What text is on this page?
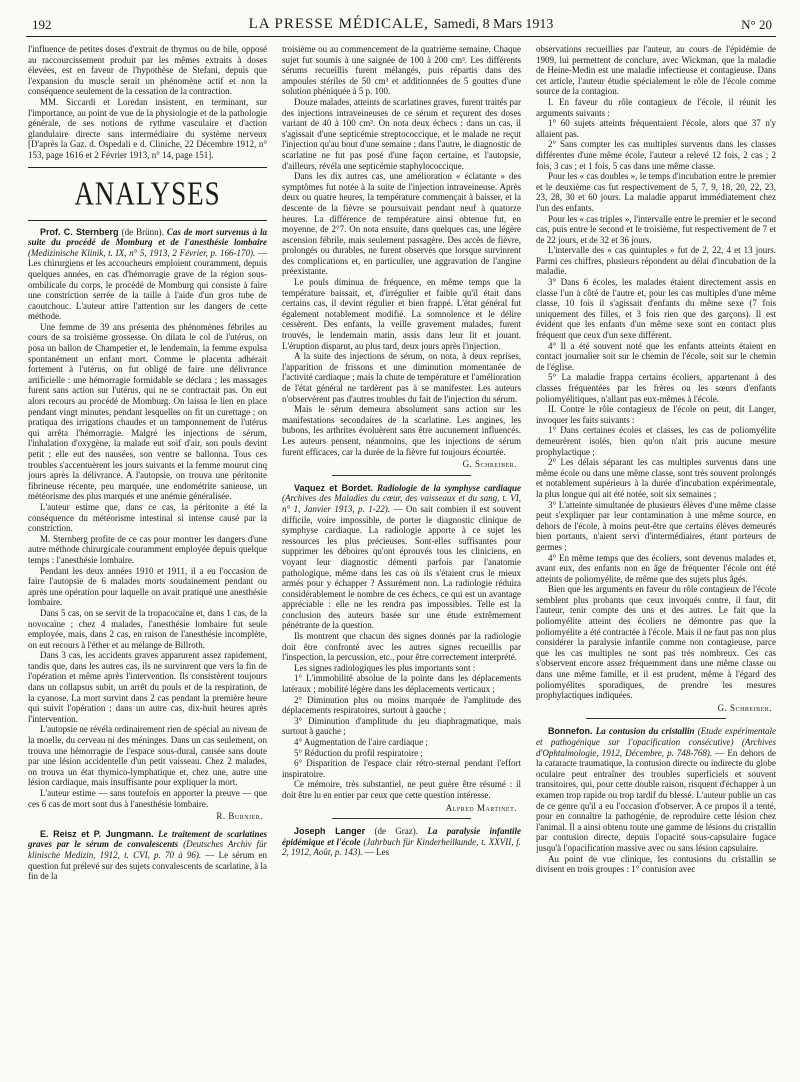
192	LA PRESSE MÉDICALE, Samedi, 8 Mars 1913	N° 20

l'influence de petites doses d'extrait de thymus ou de bile, opposé au raccourcissement produit par les mêmes extraits à doses élevées, est en faveur de l'hypothèse de Stefani, depuis que l'expansion du muscle serait un phénomène actif et non la conséquence seulement de la cessation de la contraction.

MM. Siccardi et Loredan insistent, en terminant, sur l'importance, au point de vue de la physiologie et de la pathologie générale, de ses notions de rythme vasculaire et d'action glandulaire directe sans intermédiaire du système nerveux [D'après la Gaz. d. Ospedali e d. Cliniche, 22 Décembre 1912, n° 153, page 1616 et 2 Février 1913, n° 14, page 151].

ANALYSES

Prof. C. Sternberg (de Brünn). Cas de mort survenus à la suite du procédé de Momburg et de l'anesthésie lombaire (Medizinische Klinik, t. IX, n° 5, 1913, 2 Février, p. 166-170). — Les chirurgiens et les accoucheurs emploient couramment, depuis quelques années, en cas d'hémorragie grave de la région sous-ombilicale du corps, le procédé de Momburg qui consiste à faire une constriction serrée de la taille à l'aide d'un gros tube de caoutchouc. L'auteur attire l'attention sur les dangers de cette méthode.

Une femme de 39 ans présenta des phénomènes fébriles au cours de sa troisième grossesse. On dilata le col de l'utérus, on posa un ballon de Champetier et, le lendemain, la femme expulsa spontanément un enfant mort. Comme le placenta adhérait fortement à l'utérus, on fut obligé de faire une délivrance artificielle : une hémorragie formidable se déclara ; les massages furent sans action sur l'utérus, qui ne se contractait pas. On eut alors recours au procédé de Momburg. On laissa le lien en place pendant vingt minutes, pendant lesquelles on fit un curettage ; on pratiqua des irrigations chaudes et un tamponnement de l'utérus qui arrêta l'hémorragie. Malgré les injections de sérum, l'inhalation d'oxygène, la malade eut soif d'air, son pouls devint petit ; elle eut des nausées, son ventre se ballonna. Tous ces troubles s'accentuèrent les jours suivants et la femme mourut cinq jours après la délivrance. A l'autopsie, on trouva une péritonite fibrineuse récente, peu marquée, une endométrite sanieuse, un météorisme des plus marqués et une anémie généralisée.

L'auteur estime que, dans ce cas, la péritonite a été la conséquence du météorisme intestinal si intense causé par la constriction.

M. Sternberg profite de ce cas pour montrer les dangers d'une autre méthode chirurgicale couramment employée depuis quelque temps : l'anesthésie lombaire.

Pendant les deux années 1910 et 1911, il a eu l'occasion de faire l'autopsie de 6 malades morts soudainement pendant ou après une opération pour laquelle on avait pratiqué une anesthésie lombaire.

Dans 5 cas, on se servit de la tropacocaïne et, dans 1 cas, de la novocaïne ; chez 4 malades, l'anesthésie lombaire fut seule employée, mais, dans 2 cas, en raison de l'anesthésie incomplète, on eut recours à l'éther et au mélange de Billroth.

Dans 3 cas, les accidents graves apparurent assez rapidement, tandis que, dans les autres cas, ils ne survinrent que vers la fin de l'opération et même après l'intervention. Ils consistèrent toujours dans un collapsus subit, un arrêt du pouls et de la respiration, de la cyanose. La mort survint dans 2 cas pendant la première heure qui suivit l'opération ; dans un autre cas, dix-huit heures après l'intervention.

L'autopsie ne révéla ordinairement rien de spécial au niveau de la moelle, du cerveau ni des méninges. Dans un cas seulement, on trouva une hémorragie de l'espace sous-dural, causée sans doute par une lésion accidentelle d'un petit vaisseau. Chez 2 malades, on trouva un état thymico-lymphatique et, chez une, autre une lésion cardiaque, mais insuffisante pour expliquer la mort.

L'auteur estime — sans toutefois en apporter la preuve — que ces 6 cas de mort sont dus à l'anesthésie lombaire.

R. Burnier.

E. Reisz et P. Jungmann. Le traitement de scarlatines graves par le sérum de convalescents (Deutsches Archiv für klinische Medizin, 1912, t. CVI, p. 70 à 96). — Le sérum en question fut prélevé sur des sujets convalescents de scarlatine, à la fin de la

troisième ou au commencement de la quatrième semaine. Chaque sujet fut soumis à une saignée de 100 à 200 cm³. Les différents sérums recueillis furent mélangés, puis répartis dans des ampoules stériles de 50 cm³ et additionnées de 5 gouttes d'une solution phéniquée à 5 p. 100.

Douze malades, atteints de scarlatines graves, furent traités par des injections intraveineuses de ce sérum et reçurent des doses variant de 40 à 100 cm³. On nota deux échecs : dans un cas, il s'agissait d'une septicémie streptococcique, et le malade ne reçut l'injection qu'au bout d'une semaine ; dans l'autre, le diagnostic de scarlatine ne fut pas posé d'une façon certaine, et l'autopsie, d'ailleurs, révéla une septicémie staphylococcique.

Dans les dix autres cas, une amélioration « éclatante » des symptômes fut notée à la suite de l'injection intraveineuse. Après deux ou quatre heures, la température commençait à baisser, et la descente de la fièvre se poursuivait pendant neuf à quatorze heures. La différence de température ainsi obtenue fut, en moyenne, de 2°7. On nota ensuite, dans quelques cas, une légère ascension fébrile, mais seulement passagère. Des accès de fièvre, prolongés ou durables, ne furent observés que lorsque survinrent des complications et, en particulier, une aggravation de l'angine préexistante.

Le pouls diminua de fréquence, en même temps que la température baissait, et, d'irrégulier et faible qu'il était dans certains cas, il devint régulier et bien frappé. L'état général fut également notablement modifié. La somnolence et le délire cessèrent. Des enfants, la veille gravement malades, furent trouvés, le lendemain matin, assis dans leur lit et jouant. L'éruption disparut, au plus tard, deux jours après l'injection.

A la suite des injections de sérum, on nota, à deux reprises, l'apparition de frissons et une diminution momentanée de l'activité cardiaque ; mais la chute de température et l'amélioration de l'état général ne tardèrent pas à se manifester. Les auteurs n'observèrent pas d'autres troubles du fait de l'injection du sérum.

Mais le sérum demeura absolument sans action sur les manifestations secondaires de la scarlatine. Les angines, les bubons, les arthrites évoluèrent sans être aucunement influencés. Les auteurs pensent, néanmoins, que les injections de sérum furent efficaces, car la durée de la fièvre fut toujours écourtée.

G. Schreiber.

Vaquez et Bordet. Radiologie de la symphyse cardiaque (Archives des Maladies du cœur, des vaisseaux et du sang, t. VI, n° 1, Janvier 1913, p. 1-22). — On sait combien il est souvent difficile, voire impossible, de porter le diagnostic clinique de symphyse cardiaque. La radiologie apporte à ce sujet les ressources les plus précieuses. Sont-elles suffisantes pour supprimer les déboires qu'ont éprouvés tous les cliniciens, en voyant leur diagnostic démenti parfois par l'anatomie pathologique, même dans les cas où ils s'étaient crus le mieux armés pour y échapper ? Assurément non. La radiologie réduira considérablement le nombre de ces échecs, ce qui est un avantage appréciable : elle ne les rendra pas impossibles. Telle est la conclusion des auteurs basée sur une étude extrêmement pénétrante de la question.

Ils montrent que chacun des signes donnés par la radiologie doit être confronté avec les autres signes recueillis par l'inspection, la percussion, etc., pour être correctement interprété.

Les signes radiologiques les plus importants sont :

1° L'immobilité absolue de la pointe dans les déplacements latéraux ; mobilité légère dans les déplacements verticaux ;

2° Diminution plus ou moins marquée de l'amplitude des déplacements respiratoires, surtout à gauche ;

3° Diminution d'amplitude du jeu diaphragmatique, mais surtout à gauche ;

4° Augmentation de l'aire cardiaque ;

5° Réduction du profil respiratoire ;

6° Disparition de l'espace clair rétro-sternal pendant l'effort inspiratoire.

Ce mémoire, très substantiel, ne peut guère être résumé : il doit être lu en entier par ceux que cette question intéresse.

Alfred Martinet.

Joseph Langer (de Graz). La paralysie infantile épidémique et l'école (Jahrbuch für Kinderheilkunde, t. XXVII, f. 2, 1912, Août, p. 143). — Les

observations recueillies par l'auteur, au cours de l'épidémie de 1909, lui permettent de conclure, avec Wickman, que la maladie de Heine-Medin est une maladie infectieuse et contagieuse. Dans cet article, l'auteur étudie spécialement le rôle de l'école comme source de la contagion.

I. En faveur du rôle contagieux de l'école, il réunit les arguments suivants :

1° 60 sujets atteints fréquentaient l'école, alors que 37 n'y allaient pas.

2° Sans compter les cas multiples survenus dans les classes différentes d'une même école, l'auteur a relevé 12 fois, 2 cas ; 2 fois, 3 cas ; et 1 fois, 5 cas dans une même classe.

Pour les « cas doubles », le temps d'incubation entre le premier et le deuxième cas fut respectivement de 5, 7, 9, 18, 20, 22, 23, 23, 28, 30 et 60 jours. La maladie apparut immédiatement chez l'un des enfants.

Pour les « cas triples », l'intervalle entre le premier et le second cas, puis entre le second et le troisième, fut respectivement de 7 et de 22 jours, et de 32 et 36 jours.

L'intervalle des « cas quintuples » fut de 2, 22, 4 et 13 jours. Parmi ces chiffres, plusieurs répondent au délai d'incubation de la maladie.

3° Dans 6 écoles, les malades étaient directement assis en classe l'un à côté de l'autre et, pour les cas multiples d'une même classe, 10 fois il s'agissait d'enfants du même sexe (7 fois uniquement des filles, et 3 fois rien que des garçons). Il est évident que les enfants d'un même sexe sont en contact plus fréquent que ceux d'un sexe différent.

4° Il a été souvent noté que les enfants atteints étaient en contact journalier soit sur le chemin de l'école, soit sur le chemin de l'église.

5° La maladie frappa certains écoliers, appartenant à des classes fréquentées par les frères ou les sœurs d'enfants poliomyélitiques, n'allant pas eux-mêmes à l'école.

II. Contre le rôle contagieux de l'école on peut, dit Langer, invoquer les faits suivants :

1° Dans certaines écoles et classes, les cas de poliomyélite demeurèrent isolés, bien qu'on n'ait pris aucune mesure prophylactique ;

2° Les délais séparant les cas multiples survenus dans une même école ou dans une même classe, sont très souvent prolongés et notablement supérieurs à la durée d'incubation expérimentale, la plus longue qui ait été notée, soit six semaines ;

3° L'atteinte simultanée de plusieurs élèves d'une même classe peut s'expliquer par leur contamination à une même source, en dehors de l'école, à moins peut-être que certains élèves demeurés bien portants, n'aient servi d'intermédiaires, étant porteurs de germes ;

4° En même temps que des écoliers, sont devenus malades et, avant eux, des enfants non en âge de fréquenter l'école ont été atteints de poliomyélite, de même que des sujets plus âgés.

Bien que les arguments en faveur du rôle contagieux de l'école semblent plus probants que ceux invoqués contre, il faut, dit l'auteur, tenir compte des uns et des autres. Le fait que la poliomyélite atteint des écoliers ne démontre pas que la poliomyélite a été contractée à l'école. Mais il ne faut pas non plus considérer la paralysie infantile comme non contagieuse, parce que les cas multiples ne sont pas très nombreux. Ces cas s'observent encore assez fréquemment dans une même classe ou dans une même famille, et il est prudent, même à l'égard des poliomyélites sporadiques, de prendre les mesures prophylactiques indiquées.

G. Schreiber.

Bonnefon. La contusion du cristallin (Etude expérimentale et pathogénique sur l'opacification consécutive) (Archives d'Ophtalmologie, 1912, Décembre, p. 748-768). — En dehors de la cataracte traumatique, la contusion directe ou indirecte du globe oculaire peut entraîner des troubles superficiels et souvent transitoires, qui, pour cette double raison, risquent d'échapper à un examen trop rapide ou trop tardif du blessé. L'auteur publie un cas de ce genre qu'il a eu l'occasion d'observer. A ce propos il a tenté, pour en connaître la pathogénie, de reproduire cette lésion chez l'animal. Il a ainsi obtenu toute une gamme de lésions du cristallin par contusion directe, depuis l'opacité sous-capsulaire fugace jusqu'à l'opacification massive avec ou sans lésion capsulaire.

Au point de vue clinique, les contusions du cristallin se divisent en trois groupes : 1° contusion avec
